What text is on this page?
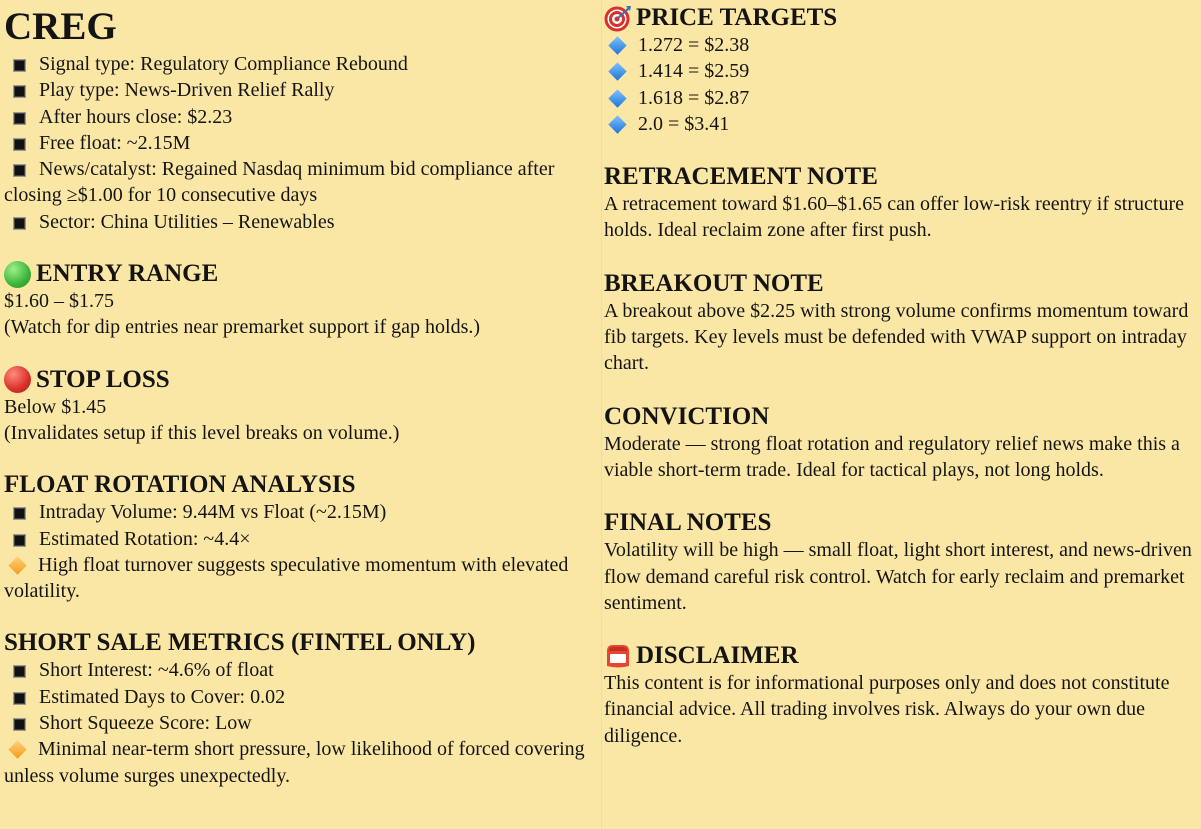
CREG
Signal type: Regulatory Compliance Rebound
Play type: News-Driven Relief Rally
After hours close: $2.23
Free float: ~2.15M
News/catalyst: Regained Nasdaq minimum bid compliance after closing ≥$1.00 for 10 consecutive days
Sector: China Utilities – Renewables
ENTRY RANGE
$1.60 – $1.75
(Watch for dip entries near premarket support if gap holds.)
STOP LOSS
Below $1.45
(Invalidates setup if this level breaks on volume.)
FLOAT ROTATION ANALYSIS
Intraday Volume: 9.44M vs Float (~2.15M)
Estimated Rotation: ~4.4×
High float turnover suggests speculative momentum with elevated volatility.
SHORT SALE METRICS (FINTEL ONLY)
Short Interest: ~4.6% of float
Estimated Days to Cover: 0.02
Short Squeeze Score: Low
Minimal near-term short pressure, low likelihood of forced covering unless volume surges unexpectedly.
PRICE TARGETS
1.272 = $2.38
1.414 = $2.59
1.618 = $2.87
2.0 = $3.41
RETRACEMENT NOTE
A retracement toward $1.60–$1.65 can offer low-risk reentry if structure holds. Ideal reclaim zone after first push.
BREAKOUT NOTE
A breakout above $2.25 with strong volume confirms momentum toward fib targets. Key levels must be defended with VWAP support on intraday chart.
CONVICTION
Moderate — strong float rotation and regulatory relief news make this a viable short-term trade. Ideal for tactical plays, not long holds.
FINAL NOTES
Volatility will be high — small float, light short interest, and news-driven flow demand careful risk control. Watch for early reclaim and premarket sentiment.
DISCLAIMER
This content is for informational purposes only and does not constitute financial advice. All trading involves risk. Always do your own due diligence.
